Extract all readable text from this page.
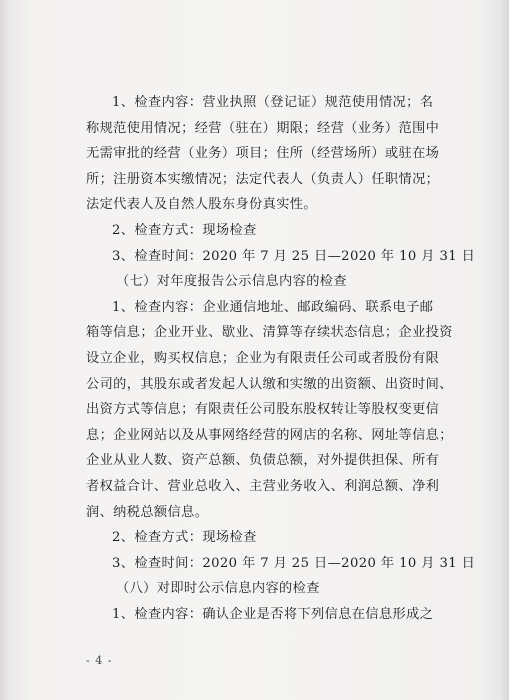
1、检查内容：营业执照（登记证）规范使用情况；名
称规范使用情况；经营（驻在）期限；经营（业务）范围中
无需审批的经营（业务）项目；住所（经营场所）或驻在场
所；注册资本实缴情况；法定代表人（负责人）任职情况；
法定代表人及自然人股东身份真实性。
2、检查方式：现场检查
3、检查时间：2020 年 7 月 25 日—2020 年 10 月 31 日
（七）对年度报告公示信息内容的检查
1、检查内容：企业通信地址、邮政编码、联系电子邮
箱等信息；企业开业、歇业、清算等存续状态信息；企业投资
设立企业，购买权信息；企业为有限责任公司或者股份有限
公司的，其股东或者发起人认缴和实缴的出资额、出资时间、
出资方式等信息；有限责任公司股东股权转让等股权变更信
息；企业网站以及从事网络经营的网店的名称、网址等信息；
企业从业人数、资产总额、负债总额，对外提供担保、所有
者权益合计、营业总收入、主营业务收入、利润总额、净利
润、纳税总额信息。
2、检查方式：现场检查
3、检查时间：2020 年 7 月 25 日—2020 年 10 月 31 日
（八）对即时公示信息内容的检查
1、检查内容：确认企业是否将下列信息在信息形成之
- 4 -
